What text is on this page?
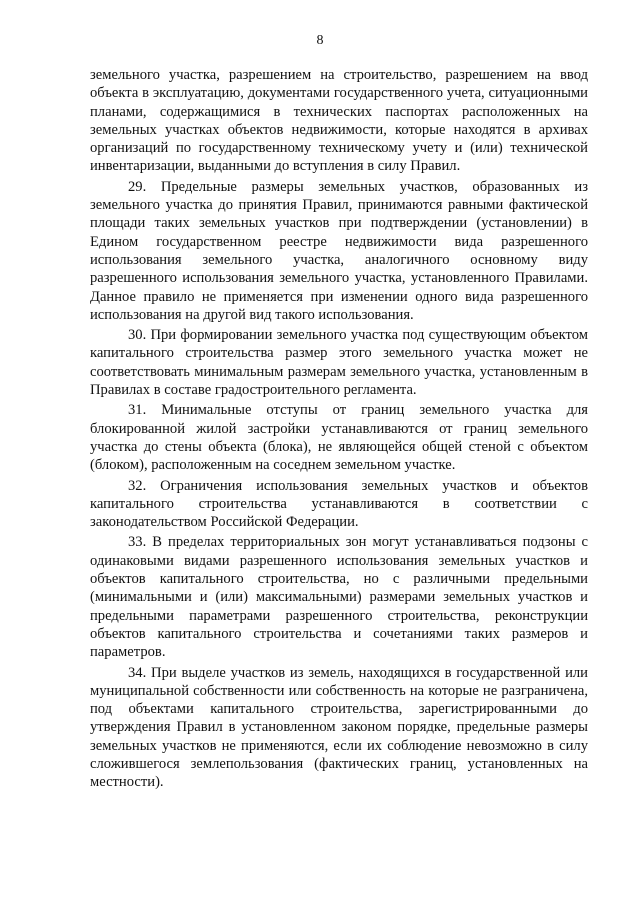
8

земельного участка, разрешением на строительство, разрешением на ввод объекта в эксплуатацию, документами государственного учета, ситуационными планами, содержащимися в технических паспортах расположенных на земельных участках объектов недвижимости, которые находятся в архивах организаций по государственному техническому учету и (или) технической инвентаризации, выданными до вступления в силу Правил.

29. Предельные размеры земельных участков, образованных из земельного участка до принятия Правил, принимаются равными фактической площади таких земельных участков при подтверждении (установлении) в Едином государственном реестре недвижимости вида разрешенного использования земельного участка, аналогичного основному виду разрешенного использования земельного участка, установленного Правилами. Данное правило не применяется при изменении одного вида разрешенного использования на другой вид такого использования.

30. При формировании земельного участка под существующим объектом капитального строительства размер этого земельного участка может не соответствовать минимальным размерам земельного участка, установленным в Правилах в составе градостроительного регламента.

31. Минимальные отступы от границ земельного участка для блокированной жилой застройки устанавливаются от границ земельного участка до стены объекта (блока), не являющейся общей стеной с объектом (блоком), расположенным на соседнем земельном участке.

32. Ограничения использования земельных участков и объектов капитального строительства устанавливаются в соответствии с законодательством Российской Федерации.

33. В пределах территориальных зон могут устанавливаться подзоны с одинаковыми видами разрешенного использования земельных участков и объектов капитального строительства, но с различными предельными (минимальными и (или) максимальными) размерами земельных участков и предельными параметрами разрешенного строительства, реконструкции объектов капитального строительства и сочетаниями таких размеров и параметров.

34. При выделе участков из земель, находящихся в государственной или муниципальной собственности или собственность на которые не разграничена, под объектами капитального строительства, зарегистрированными до утверждения Правил в установленном законом порядке, предельные размеры земельных участков не применяются, если их соблюдение невозможно в силу сложившегося землепользования (фактических границ, установленных на местности).
